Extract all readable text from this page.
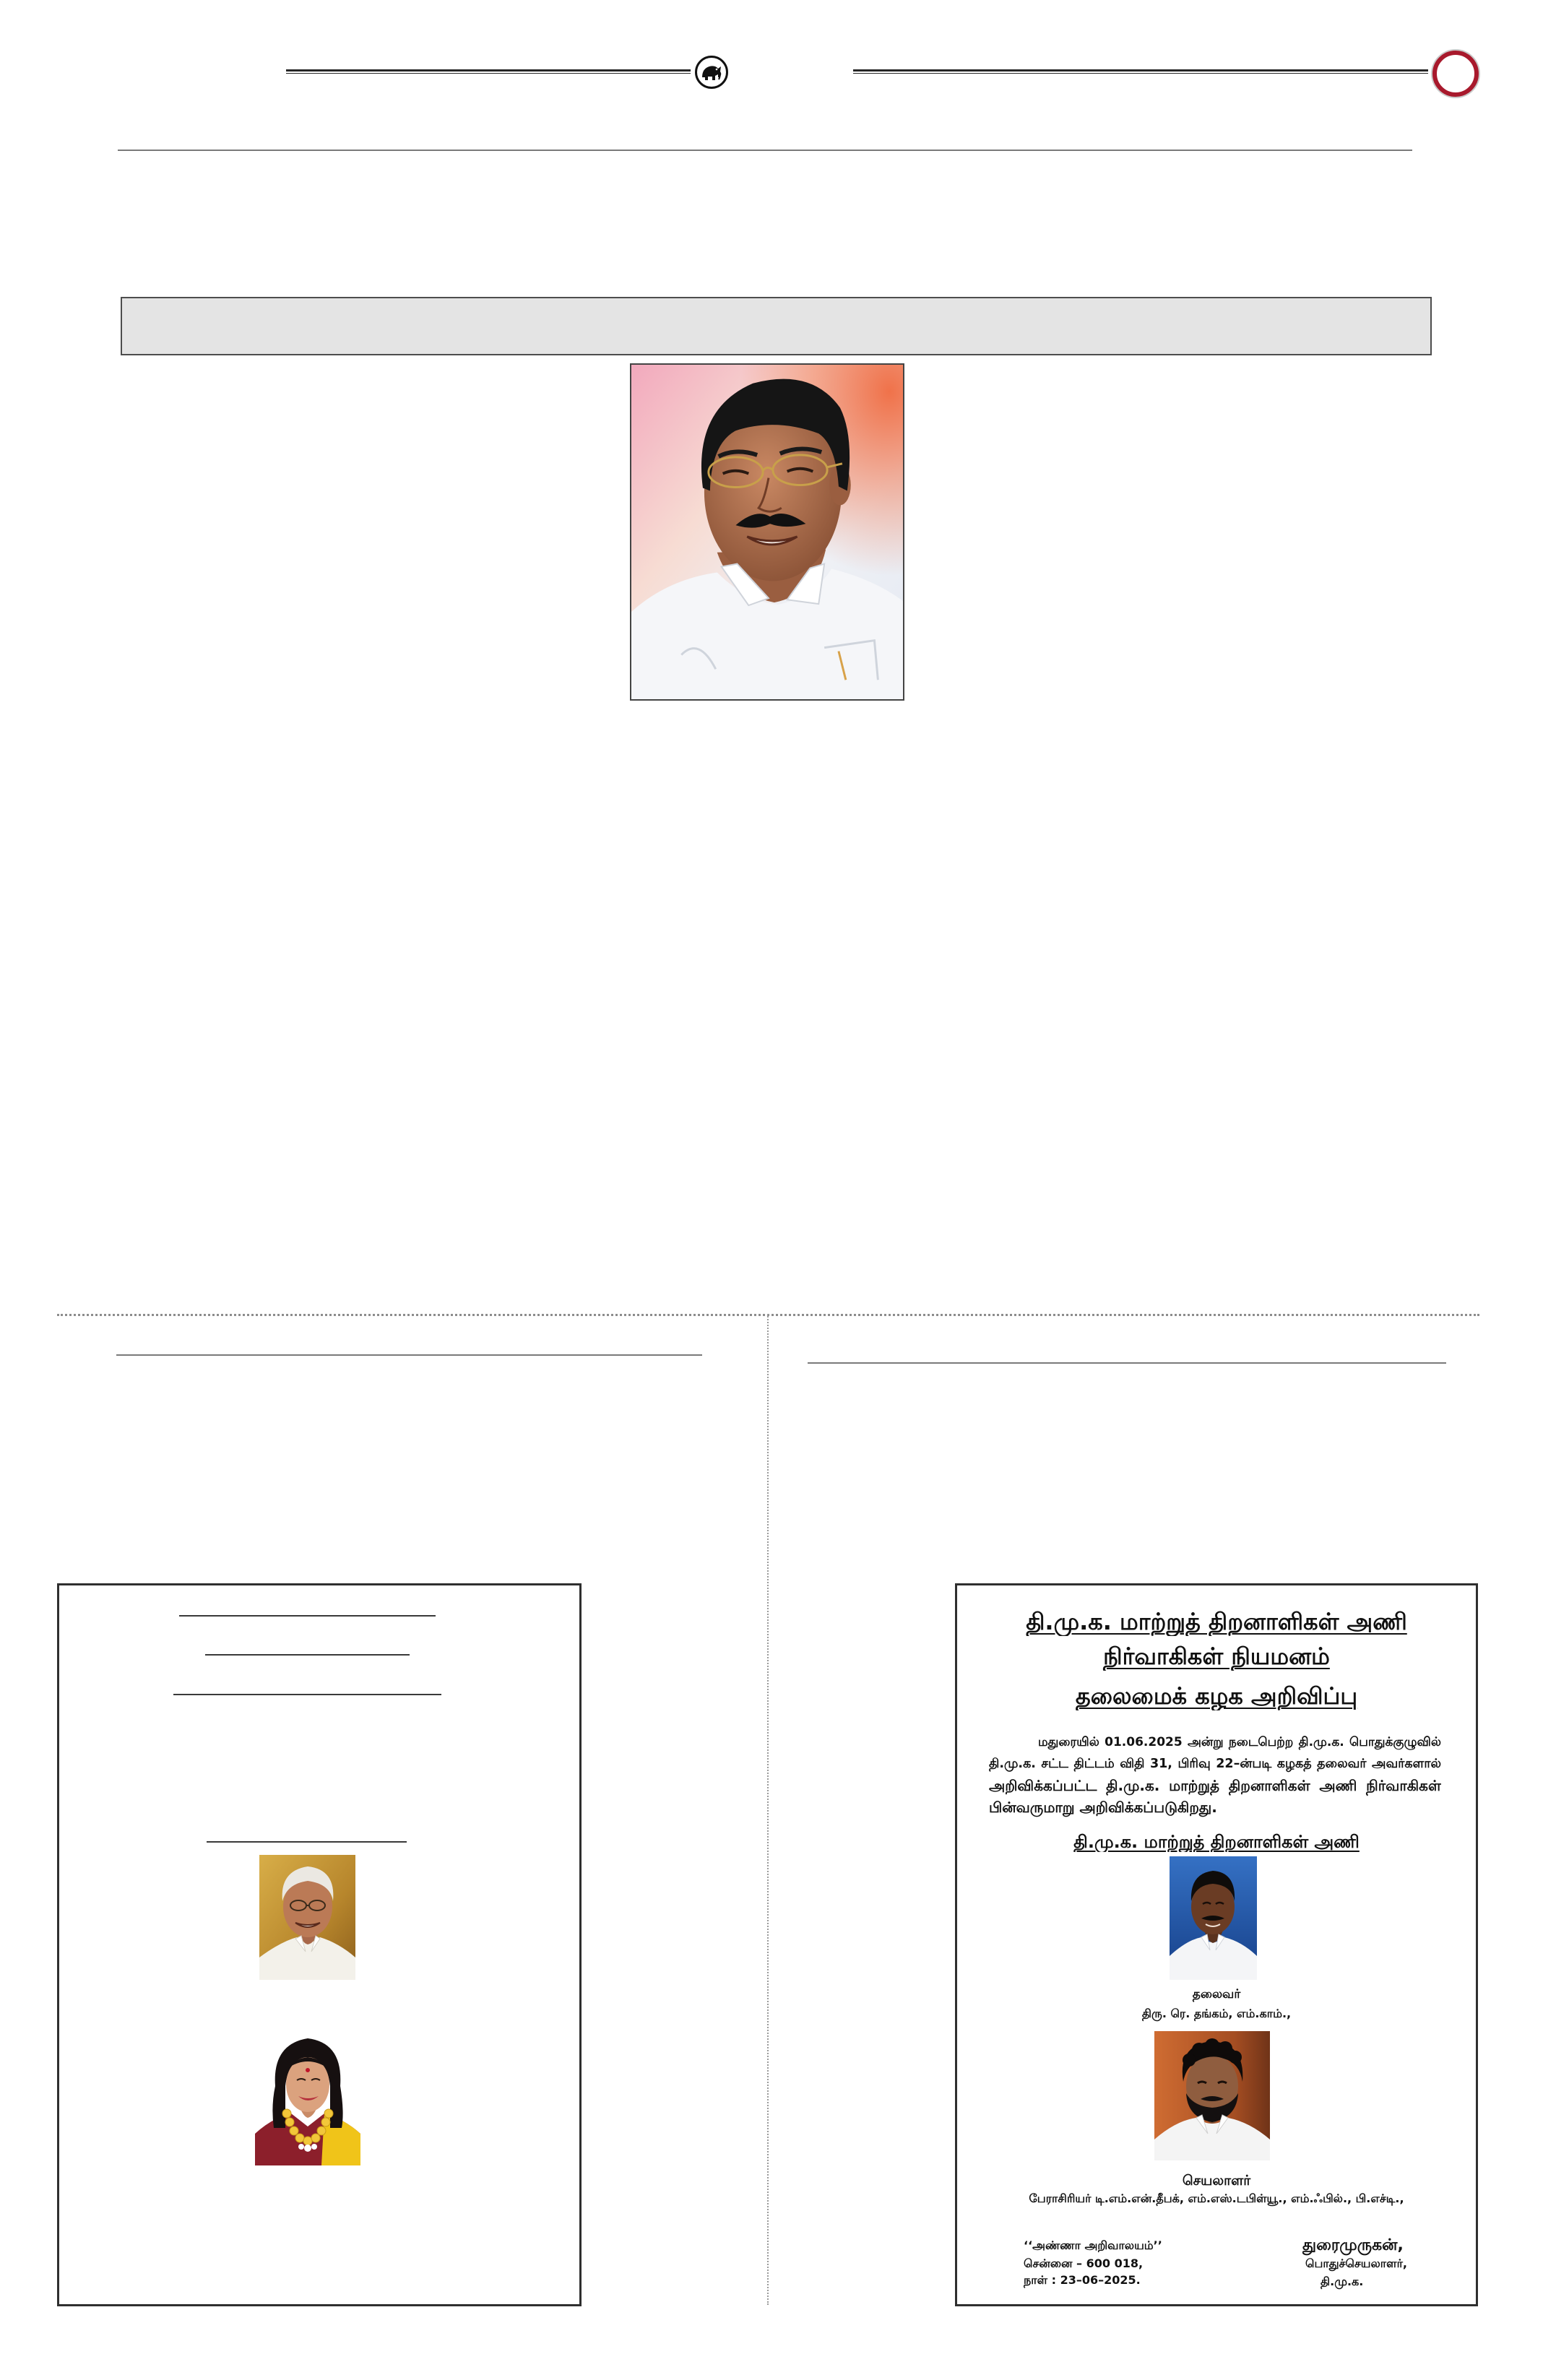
தி.மு.க. மாற்றுத் திறனாளிகள் அணி
நிர்வாகிகள் நியமனம்
தலைமைக் கழக அறிவிப்பு
மதுரையில் 01.06.2025 அன்று நடைபெற்ற தி.மு.க. பொதுக்குழுவில்
தி.மு.க. சட்ட திட்டம் விதி 31, பிரிவு 22–ன்படி கழகத் தலைவர் அவர்களால்
அறிவிக்கப்பட்ட தி.மு.க. மாற்றுத் திறனாளிகள் அணி நிர்வாகிகள்
பின்வருமாறு அறிவிக்கப்படுகிறது.
தி.மு.க. மாற்றுத் திறனாளிகள் அணி
தலைவர்
திரு. ரெ. தங்கம், எம்.காம்.,
செயலாளர்
பேராசிரியர் டி.எம்.என்.தீபக், எம்.எஸ்.டபிள்யூ., எம்.ஃபில்., பி.எச்டி.,
‘‘அண்ணா அறிவாலயம்’’
சென்னை – 600 018,
நாள் : 23–06–2025.
துரைமுருகன்,
பொதுச்செயலாளர்,
தி.மு.க.
